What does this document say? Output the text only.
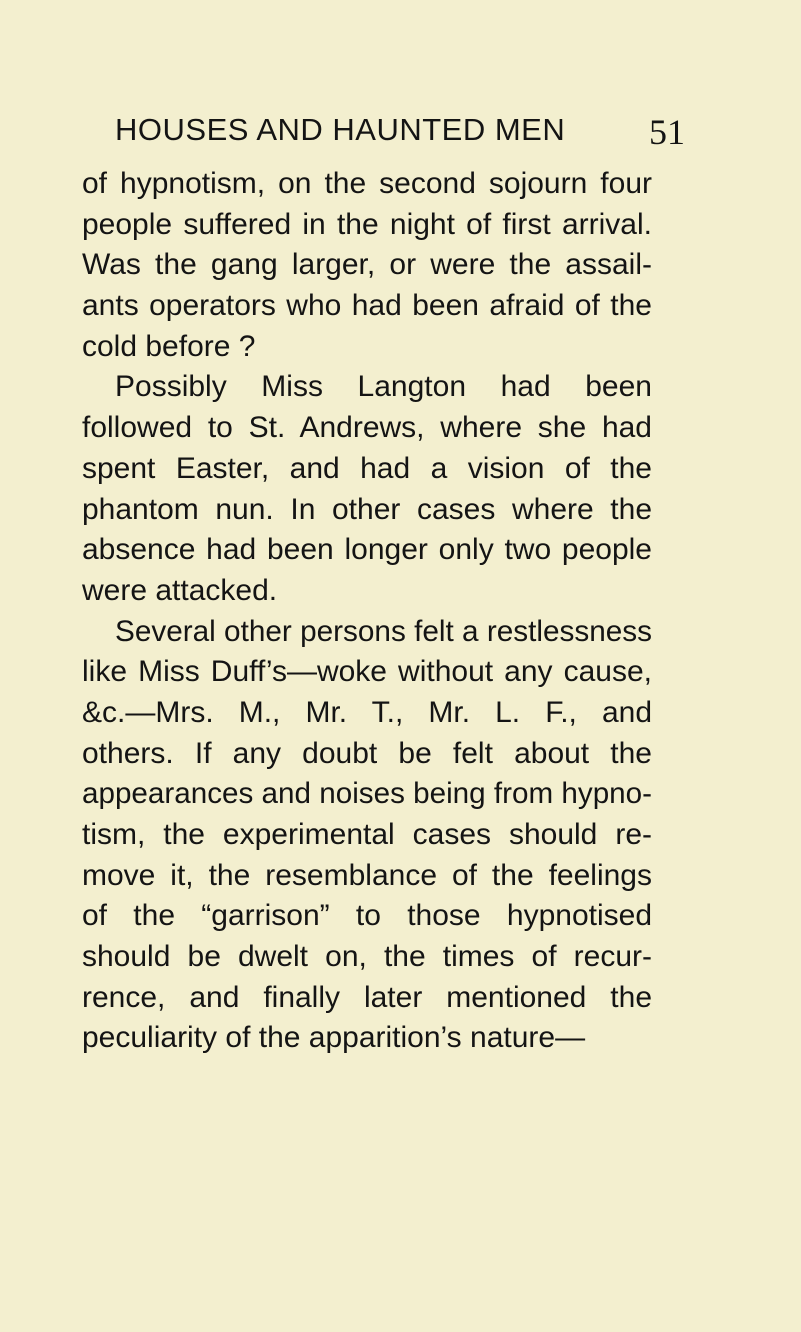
HOUSES AND HAUNTED MEN 51
of hypnotism, on the second sojourn four
people suffered in the night of first arrival.
Was the gang larger, or were the assail-
ants operators who had been afraid of the
cold before ?
Possibly Miss Langton had been
followed to St. Andrews, where she had
spent Easter, and had a vision of the
phantom nun. In other cases where the
absence had been longer only two people
were attacked.
Several other persons felt a restlessness
like Miss Duff’s—woke without any cause,
&c.—Mrs. M., Mr. T., Mr. L. F., and
others. If any doubt be felt about the
appearances and noises being from hypno-
tism, the experimental cases should re-
move it, the resemblance of the feelings
of the “garrison” to those hypnotised
should be dwelt on, the times of recur-
rence, and finally later mentioned the
peculiarity of the apparition’s nature—
